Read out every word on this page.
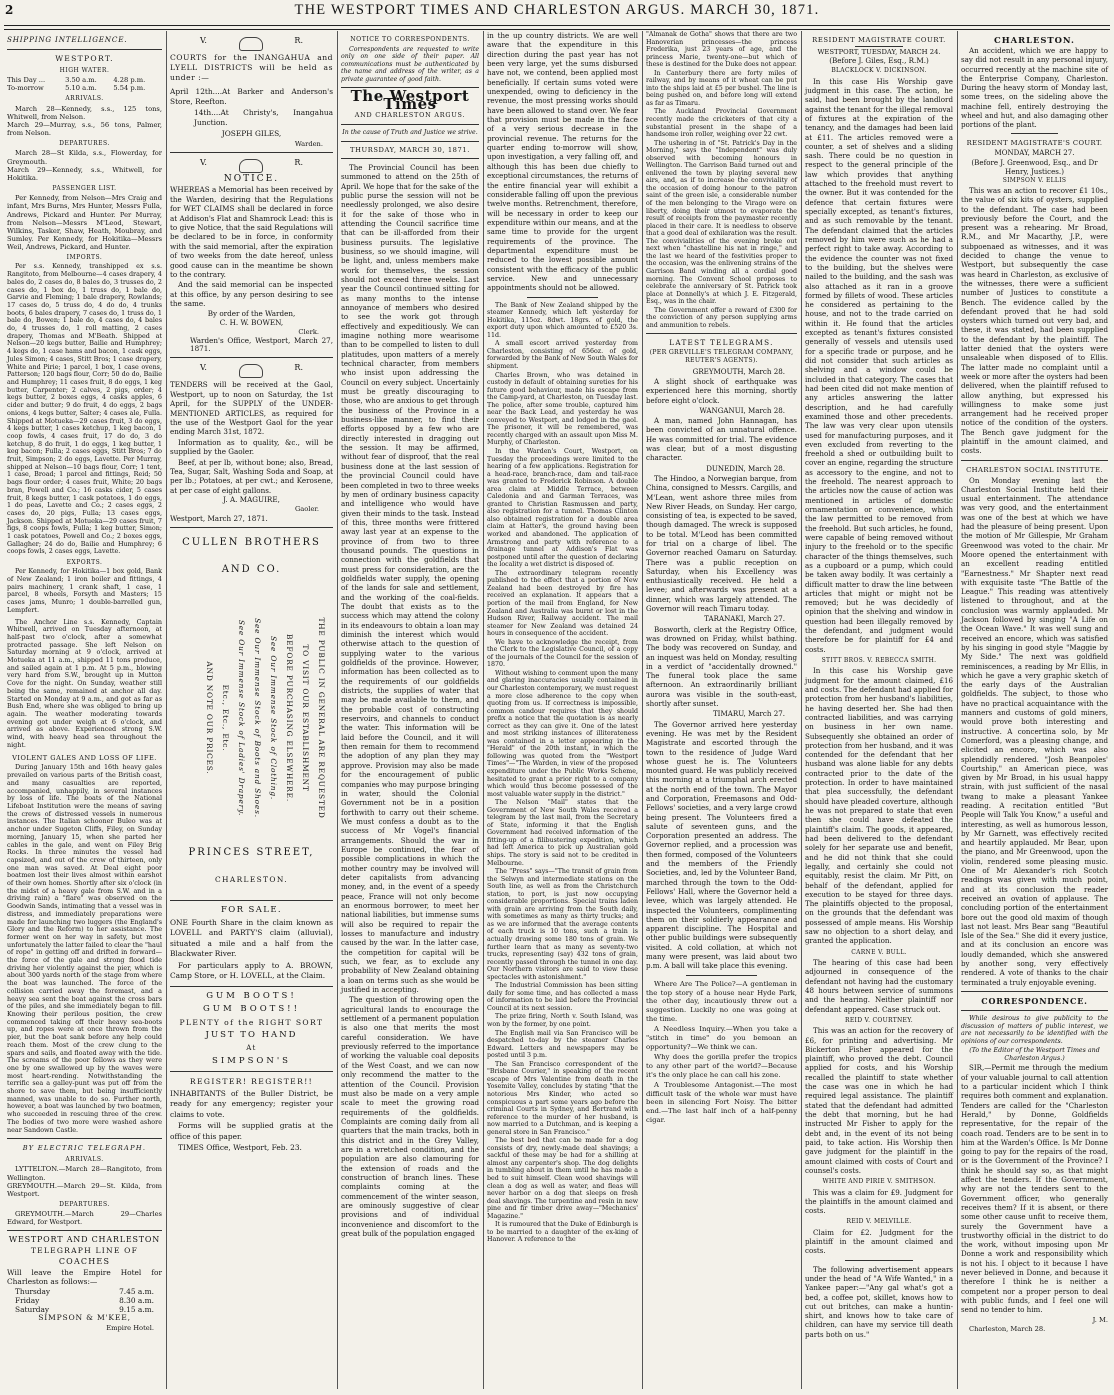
2	THE WESTPORT TIMES AND CHARLESTON ARGUS. MARCH 30, 1871.
SHIPPING INTELLIGENCE.
WESTPORT.
HIGH WATER.
This Day ...	3.50 a.m.	4.28 p.m.
To-morrow	5.10 a.m.	5.54 p.m.
ARRIVALS.

March 28—Kennedy, s.s., 125 tons, Whitwell, from Nelson.
March 29—Murray, s.s., 56 tons, Palmer, from Nelson.

DEPARTURES.

March 28—St Kilda, s.s., Flowerday, for Greymouth.
March 29—Kennedy, s.s., Whitwell, for Hokitika.

PASSENGER LIST.

Per Kennedy, from Nelson—Mrs Craig and infant, Mrs Burns, Mrs Hunter, Messrs Fulla, Andrews, Pickard and Hunter. Per Murray, from Nelson—Messrs M'Leod, Stewart, Wilkins, Tasker, Shaw, Heath, Moubray, and Sumley. Per Kennedy, for Hokitika—Messrs Weil, Andrews, Pickard, and Hunter.

IMPORTS.

Per s.s. Kennedy, transhipped ex s.s. Rangitoto, from Melbourne—4 cases drapery, 4 bales do, 2 cases do, 8 bales do, 3 trusses do, 2 cases do, 1 box do, 1 truss do, 1 bale do, Garvie and Fleming; 1 bale drapery, Rowlands; 17 cases do, 5 truss do, 4 do do, 4 trunks boots, 6 bales drapery, 7 cases do, 1 truss do, 1 bale do, Bowen; 1 bale do, 4 cases do, 4 bales do, 4 trusses do, 1 roll matting, 2 cases drapery, Thomas and M'Beath. Shipped at Nelson—20 kegs butter, Bailie and Humphrey; 4 kegs do, 1 case hams and bacon, 1 cask eggs, Jules Simon; 4 cases, Stitt Bros; 1 case drapery, White and Pirie; 1 parcel, 1 box, 1 case ovens, Patterson; 120 bags flour, Corr; 50 do do, Bailie and Humphrey; 11 cases fruit, 8 do eggs, 1 keg butter, Carpenter; 2 calves, 2 pigs, order; 4 kegs butter, 2 boxes eggs, 4 casks apples, 6 cider and butter; 9 do fruit, 4 do eggs, 2 bags onions, 4 kegs butter, Salter; 4 cases ale, Fulla. Shipped at Motueka—29 cases fruit, 3 do eggs, 4 kegs butter, 1 cases ketchup, 1 keg bacon, 1 coop fowls, 4 cases fruit, 17 do do, 3 do ketchup, 8 do fruit, 1 do eggs, 1 keg butter, 1 keg bacon; Fulla; 2 cases eggs, Stitt Bros; 7 do fruit, Simpson; 2 do eggs, Lavette. Per Murray, shipped at Nelson—10 bags flour, Corr; 1 tent, 1 case, Broad; 1 parcel and fittings, Reid; 50 bags flour order; 4 cases fruit, White; 20 bags bran, Powell and Co.; 16 casks cider, 5 cases fruit, 8 kegs butter, 1 cask potatoes, 1 do eggs, 1 do peas, Lavette and Co.; 2 cases eggs, 2 cases do, 20 pigs, Fulla; 13 cases eggs, Jackson. Shipped at Motueka—29 cases fruit, 7 figs, 8 coops fowls, Fulla; 1 keg butter, Simon; 1 cask potatoes, Powell and Co.; 2 boxes eggs, Gallagher; 24 do do, Bailie and Humphrey; 6 coops fowls, 2 cases eggs, Lavette.

EXPORTS.

Per Kennedy, for Hokitika—1 box gold, Bank of New Zealand; 1 iron boiler and fittings, 4 pairs machinery, 1 crank shaft, 1 case, 1 parcel, 8 wheels, Forsyth and Masters; 15 cases jams, Munro; 1 double-barrelled gun, Lempfert.

The Anchor Line s.s. Kennedy, Captain Whitwell, arrived on Tuesday afternoon, at half-past two o'clock, after a somewhat protracted passage. She left Nelson on Saturday morning at 9 o'clock, arrived at Motueka at 11 a.m., shipped 11 tons produce, and sailed again at 1 p.m. At 5 p.m., blowing very hard from S.W., brought up in Mutton Cove for the night. On Sunday, weather still being the same, remained at anchor all day. Started on Monday at 9 a.m., and got as far as Bush End, where she was obliged to bring up again. The weather moderating towards evening got under weigh at 6 o'clock, and arrived as above. Experienced strong S.W. wind, with heavy head sea throughout the night.

VIOLENT GALES AND LOSS OF LIFE.

During January 15th and 16th heavy gales prevailed on various parts of the British coast, and many casualties are reported, accompanied, unhappily, in several instances by loss of life. The boats of the National Lifeboat Institution were the means of saving the crews of distressed vessels in numerous instances. The Italian schooner Buleo was at anchor under Sugeton Cliffs, Filey, on Sunday morning, January 15, when she parted her cables in the gale, and went on Filey Brig Rocks. In three minutes the vessel had capsized, and out of the crew of thirteen, only one man was saved. At Deal eight poor boatmen lost their lives almost within earshot of their own homes. Shortly after six o'clock (in the midst of a heavy gale from S.W. and in a driving rain) a "flare" was observed on the Goodwin Sands, intimating that a vessel was in distress, and immediately preparations were made for launching two luggers (the England's Glory and the Reform) to her assistance. The former went on her way in safety, but most unfortunately the latter failed to clear the "haul of rope" in getting off and drifted in forward—the force of the gale and strong flood tide driving her violently against the pier, which is about 300 yards north of the stage from where the boat was launched. The force of the collision carried away the foremast, and a heavy sea sent the boat against the cross bars of the piles, and she immediately began to fill. Knowing their perilous position, the crew commenced taking off their heavy sea-boots up, and ropes were at once thrown from the pier, but the boat sank before any help could reach them. Most of the crew clung to the spars and sails, and floated away with the tide. The screams of the poor fellows as they were one by one swallowed up by the waves were most heart-rending. Notwithstanding the terrific sea a galley-punt was put off from the shore to save them, but being insufficiently manned, was unable to do so. Further north, however, a boat was launched by two boatmen, who succeeded in rescuing three of the crew. The bodies of two more were washed ashore near Sandown Castle.

BY ELECTRIC TELEGRAPH.
ARRIVALS.

LYTTELTON.—March 28—Rangitoto, from Wellington.
GREYMOUTH.—March 29—St. Kilda, from Westport.

DEPARTURES.

GREYMOUTH.—March 29—Charles Edward, for Westport.

WESTPORT AND CHARLESTON

TELEGRAPH LINE OF

COACHES

Will leave the Empire Hotel for Charleston as follows:—

Thursday	7.45 a.m.
Friday	8.30 a.m.
Saturday	9.15 a.m.

SIMPSON & M'KEE,

Empire Hotel.

V.	R.

COURTS for the INANGAHUA and LYELL DISTRICTS will be held as under :—

April 12th....At Barker and Anderson's Store, Reefton.

14th....At Christy's, Inangahua Junction.

JOSEPH GILES,

Warden.

V.	R.
NOTICE.

WHEREAS a Memorial has been received by the Warden, desiring that the Regulations for WET CLAIMS shall be declared in force at Addison's Flat and Shamrock Lead: this is to give Notice, that the said Regulations will be declared to be in force, in conformity with the said memorial, after the expiration of two weeks from the date hereof, unless good cause can in the meantime be shown to the contrary.

And the said memorial can be inspected at this office, by any person desiring to see the same.

By order of the Warden,

C. H. W. BOWEN,

Clerk.

Warden's Office, Westport, March 27, 1871.

V.	R.

TENDERS will be received at the Gaol, Westport, up to noon on Saturday, the 1st April, for the SUPPLY of the UNDER-MENTIONED ARTICLES, as required for the use of the Westport Gaol for the year ending March 31st, 1872.

Information as to quality, &c., will be supplied by the Gaoler.

Beef, at per lb, without bone; also, Bread, Tea, Sugar, Salt, Washing Soda and Soap, at per lb.; Potatoes, at per cwt.; and Kerosene, at per case of eight gallons.

J. A. MAGUIRE,

Gaoler.

Westport, March 27, 1871.

CULLEN BROTHERS
AND CO.
THE PUBLIC IN GENERAL ARE REQUESTED
TO VISIT OUR ESTABLISHMENT
BEFORE PURCHASING ELSEWHERE.
See Our Immense Stock of Clothing.
See Our Immense Stock of Boots and Shoes.
See Our Immense Stock of Ladies' Drapery.
Etc., Etc., Etc.
AND NOTE OUR PRICES.
PRINCES STREET,
CHARLESTON.
FOR SALE.

ONE Fourth Share in the claim known as LOVELL and PARTY'S claim (alluvial), situated a mile and a half from the Blackwater River.

For particulars apply to A. BROWN, Camp Store, or H. LOVELL, at the Claim.

GUM BOOTS!
GUM BOOTS!!
PLENTY of the RIGHT SORT
JUST TO HAND
At
SIMPSON'S
REGISTER! REGISTER!!

INHABITANTS of the Buller District, be ready for any emergency; register your claims to vote.

Forms will be supplied gratis at the office of this paper.

TIMES Office, Westport, Feb. 23.

NOTICE TO CORRESPONDENTS.

Correspondents are requested to write only on one side of their paper. All communications must be authenticated by the name and address of the writer, as a private guarantee of good faith.

The Westport Times
AND CHARLESTON ARGUS.

In the cause of Truth and Justice we strive.

THURSDAY, MARCH 30, 1871.

The Provincial Council has been summoned to attend on the 25th of April. We hope that for the sake of the public purse the session will not be needlessly prolonged, we also desire it for the sake of those who in attending the Council sacrifice time that can be ill-afforded from their business pursuits. The legislative business, so we should imagine, will be light, and, unless members make work for themselves, the session should not exceed three weeks. Last year the Council continued sitting for as many months to the intense annoyance of members who desired to see the work got through effectively and expeditiously. We can imagine nothing more wearisome than to be compelled to listen to dull platitudes, upon matters of a merely technical character, from members who insist upon addressing the Council on every subject. Uncertainly must be greatly discouraging to those, who are anxious to get through the business of the Province in a business-like manner, to find their efforts opposed by a few who are directly interested in dragging out the session. It may be affirmed, without fear of disproof, that the real business done at the last session of the provincial Council could have been completed in two to three weeks by men of ordinary business capacity and intelligence who would have given their minds to the task. Instead of this, three months were frittered away last year at an expense to the province of from two to three thousand pounds. The questions in connection with the goldfields that must press for consideration, are the goldfields water supply, the opening of the lands for sale and settlement, and the working of the coal-fields. The doubt that exists as to the success which may attend the colony in its endeavours to obtain a loan may diminish the interest which would otherwise attach to the question of supplying water to the various goldfields of the province. However, information has been collected as to the requirements of our goldfields districts, the supplies of water that may be made available to them, and the probable cost of constructing reservoirs, and channels to conduct the water. This information will be laid before the Council, and it will then remain for them to recommend the adoption of any plan they may approve. Provision may also be made for the encouragement of public companies who may purpose bringing in water, should the Colonial Government not be in a position forthwith to carry out their scheme. We must confess a doubt as to the success of Mr Vogel's financial arrangements. Should the war in Europe be continued, the fear of possible complications in which the mother country may be involved will deter capitalists from advancing money, and, in the event of a speedy peace, France will not only become an enormous borrower, to meet her national liabilities, but immense sums will also be required to repair the losses to manufacture and industry caused by the war. In the latter case, the competition for capital will be such, we fear, as to exclude any probability of New Zealand obtaining a loan on terms such as she would be justified in accepting.

The question of throwing open the agricultural lands to encourage the settlement of a permanent population is also one that merits the most careful consideration. We have previously referred to the importance of working the valuable coal deposits of the West Coast, and we can now only recommend the matter to the attention of the Council. Provision must also be made on a very ample scale to meet the growing road requirements of the goldfields. Complaints are coming daily from all quarters that the main tracks, both in this district and in the Grey Valley, are in a wretched condition, and the population are also clamouring for the extension of roads and the construction of branch lines. These complaints coming at the commencement of the winter season, are ominously suggestive of clear provisions and of individual inconvenience and discomfort to the great bulk of the population engaged

in the up country districts. We are well aware that the expenditure in this direction during the past year has not been very large, yet the sums disbursed have not, we contend, been applied most beneficially. If certain sums voted were unexpended, owing to deficiency in the revenue, the most pressing works should have been allowed to stand over. We fear that provision must be made in the face of a very serious decrease in the provincial revenue. The returns for the quarter ending to-morrow will show, upon investigation, a very falling off, and although this has been due chiefly to exceptional circumstances, the returns of the entire financial year will exhibit a considerable falling off upon the previous twelve months. Retrenchment, therefore, will be necessary in order to keep our expenditure within our means, and at the same time to provide for the urgent requirements of the province. The departmental expenditure must be reduced to the lowest possible amount consistent with the efficacy of the public service. New and unnecessary appointments should not be allowed.

The Bank of New Zealand shipped by the steamer Kennedy, which left yesterday for Hokitika, 115oz. 8dwt. 18grs. of gold, the export duty upon which amounted to £520 3s. 11d.

A small escort arrived yesterday from Charleston, consisting of 656oz. of gold, forwarded by the Bank of New South Wales for shipment.

Charles Brown, who was detained in custody in default of obtaining sureties for his future good behaviour, made his escape from the Camp-yard, at Charleston, on Tuesday last. The police, after some trouble, captured him near the Back Lead, and yesterday he was conveyed to Westport, and lodged in the gaol. The prisoner, it will be remembered, was recently charged with an assault upon Miss M. Murphy, of Charleston.

In the Warden's Court, Westport, on Tuesday the proceedings were limited to the hearing of a few applications. Registration for a head-race, branch-race, dam and tail-race was granted to Frederick Robinson. A double area claim at Middle Terrace, between Caledonia and and Garman Terraces, was granted to Christian Rasmussen and party, also registration for a tunnel. Thomas Clinton also obtained registration for a double area claim at Hatter's, the ground having been worked and abandoned. The application of Armstrong and party with reference to a drainage tunnel at Addison's Flat was postponed until after the question of declaring the locality a wet district is disposed of.

The extraordinary telegram recently published to the effect that a portion of New Zealand had been destroyed by fire has received an explanation. It appears that a portion of the mail from England, for New Zealand and Australia was burnt or lost in the Hudson River, Railway accident. The mail steamer for New Zealand was detained 24 hours in consequence of the accident.

We have to acknowledge the receipt, from the Clerk to the Legislative Council, of a copy of the journals of the Council for the session of 1870.

Without wishing to comment upon the many and glaring inaccuracies usually contained in our Charleston contemporary, we must request a more close adherence to the copy when quoting from us. If correctness is impossible, common candour requires that they should prefix a notice that the quotation is as nearly correct as they can give it. One of the latest and most striking instances of illiterateness was contained in a letter appearing in the "Herald" of the 20th instant, in which the following was quoted from the "Westport Times"—"The Warden, in view of the proposed expenditure under the Public Works Scheme, hesitated to grant a prior right to a company which would thus become possessed of the most valuable water supply in the district."

The Nelson "Mail" states that the Government of New South Wales received a telegram by the last mail, from the Secretary of State, informing it that the English Government had received information of the fitting-up of a filibustering expedition, which had left America to pick up Australian gold ships. The story is said not to be credited in Melbourne.

The "Press" says—"The transit of grain from the Selwyn and intermediate stations on the South line, as well as from the Christchurch station, to port, is just now occupying considerable proportions. Special trains laden with grain are arriving from the South daily, with sometimes as many as thirty trucks; and as we are informed that the average contents of each truck is 10 tons, such a train is actually drawing some 180 tons of grain. We further learn that as many as seventy-two trucks, representing (say) 432 tons of grain, recently passed through the tunnel in one day. Our Northern visitors are said to view these spectacles with astonishment."

The Industrial Commission has been sitting daily for some time, and has collected a mass of information to be laid before the Provincial Council at its next session.

The prize firing, North v. South Island, was won by the former, by one point.

The English mail via San Francisco will be despatched to-day by the steamer Charles Edward. Letters and newspapers may be posted until 3 p.m.

The San Francisco correspondent of the "Brisbane Courier," in speaking of the recent escape of Mrs Valentine from death in the Yosemite Valley, concludes by stating "that the notorious Mrs Kinder, who acted so conspicuous a part some years ago before the criminal Courts in Sydney, and Bertrand with reference to the murder of her husband, is now married to a Dutchman, and is keeping a general store in San Francisco."

The best bed that can be made for a dog consists of dry, newly-made deal shavings; a sackful of these may be had for a shilling at almost any carpenter's shop. The dog delights in tumbling about in them until he has made a bed to suit himself. Clean wood shavings will clean a dog as well as water, and fleas will never harbor on a dog that sleeps on fresh deal shavings. The turpentine and resin in new pine and fir timber drive away—"Mechanics' Magazine."

It is rumoured that the Duke of Edinburgh is to be married to a daughter of the ex-king of Hanover. A reference to the

"Almanak de Gotha" shows that there are two Hanoverian princesses—the princess Frederika, just 23 years of age, and the princess Marie, twenty-one—but which of these is destined for the Duke does not appear.

In Canterbury there are forty miles of railway, and by means of it wheat can be put into the ships laid at £5 per bushel. The line is being pushed on, and before long will extend as far as Timaru.

The Auckland Provincial Government recently made the cricketers of that city a substantial present in the shape of a handsome iron roller, weighing over 22 cwt.

The ushering in of "St. Patrick's Day in the Morning," says the "Independent" was duly observed with becoming honours in Wellington. The Garrison Band turned out and enlivened the town by playing several new airs, and, as if to increase the conviviality of the occasion of doing honour to the patron saint of the green isle, a considerable number of the men belonging to the Virago were on liberty, doing their utmost to evaporate the result of receipts from the paymaster recently placed in their care. It is needless to observe that a good deal of exhilaration was the result. The convivialities of the evening broke out next when "chastelline his nat in ringe," and the last we heard of the festivities proper to the occasion, was the enlivening strains of the Garrison Band winding all a cordial good morning. The Convent School proposes to celebrate the anniversary of St. Patrick took place at Donnelly's at which J. E. Fitzgerald, Esq., was in the chair.

The Government offer a reward of £300 for the conviction of any person supplying arms and ammunition to rebels.

LATEST TELEGRAMS.

(PER GREVILLE'S TELEGRAM COMPANY, REUTER'S AGENTS).

GREYMOUTH, March 28.

A slight shock of earthquake was experienced here this morning, shortly before eight o'clock.

WANGANUI, March 28.

A man, named John Hannagan, has been convicted of an unnatural offence. He was committed for trial. The evidence was clear, but of a most disgusting character.

DUNEDIN, March 28.

The Hindoo, a Norwegian barque, from China, consigned to Messrs. Cargills, and M'Lean, went ashore three miles from New River Heads, on Sunday. Her cargo, consisting of tea, is expected to be saved, though damaged. The wreck is supposed to be total. M'Leod has been committed for trial on a charge of libel. The Governor reached Oamaru on Saturday. There was a public reception on Saturday, when his Excellency was enthusiastically received. He held a levee; and afterwards was present at a dinner, which was largely attended. The Governor will reach Timaru today.

TARANAKI, March 27.

Bosworth, clerk at the Registry Office, was drowned on Friday, whilst bathing. The body was recovered on Sunday, and an inquest was held on Monday, resulting in a verdict of "accidentally drowned." The funeral took place the same afternoon. An extraordinarily brilliant aurora was visible in the south-east, shortly after sunset.

TIMARU, March 27.

The Governor arrived here yesterday evening. He was met by the Resident Magistrate and escorted through the town to the residence of Judge Ward whose guest he is. The Volunteers mounted guard. He was publicly received this morning at a triumphal arch erected at the north end of the town. The Mayor and Corporation, Freemasons and Odd-Fellows' societies, and a very large crowd being present. The Volunteers fired a salute of seventeen guns, and the Corporation presented an address. The Governor replied, and a procession was then formed, composed of the Volunteers and the members of the Friendly Societies, and, led by the Volunteer Band, marched through the town to the Odd-Fellows' Hall, where the Governor held a levee, which was largely attended. He inspected the Volunteers, complimenting them on their soldierly appearance and apparent discipline. The Hospital and other public buildings were subsequently visited. A cold collation, at which not many were present, was laid about two p.m. A ball will take place this evening.

Where Are The Police?—A gentleman in the top story of a house near Hyde Park, the other day, incautiously threw out a suggestion. Luckily no one was going at the time.

A Needless Inquiry.—When you take a "stitch in time" do you bemoan an opportunity?—We think we can.

Why does the gorilla prefer the tropics to any other part of the world?—Because it's the only place he can call his zone.

A Troublesome Antagonist.—The most difficult task of the whole war must have been in silencing Fort Noisy. The bitter end.—The last half inch of a half-penny cigar.

RESIDENT MAGISTRATE COURT.

WESTPORT, TUESDAY, MARCH 24.

(Before J. Giles, Esq., R.M.)

BLACKLOCK V. DICKINSON.

In this case His Worship gave judgment in this case. The action, he said, had been brought by the landlord against the tenant for the illegal removal of fixtures at the expiration of the tenancy, and the damages had been laid at £11. The articles removed were a counter, a set of shelves and a sliding sash. There could be no question in respect to the general principle of the law which provides that anything attached to the freehold must revert to the owner. But it was contended for the defence that certain fixtures were specially excepted, as tenant's fixtures, and as such removable by the tenant. The defendant claimed that the articles removed by him were such as he had a perfect right to take away. According to the evidence the counter was not fixed to the building, but the shelves were nailed to the building, and the sash was also attached as it ran in a groove formed by fillets of wood. These articles he considered as pertaining to the house, and not to the trade carried on within it. He found that the articles excepted as tenant's fixtures consisted generally of vessels and utensils used for a specific trade or purpose, and he did not consider that such articles as shelving and a window could be included in that category. The cases that had been cited did not make mention of any articles answering the latter description, and he had carefully examined those and other precedents. The law was very clear upon utensils used for manufacturing purposes, and it even excluded from reverting to the freehold a shed or outbuilding built to cover an engine, regarding the structure as accessory to the engine, and not to the freehold. The nearest approach to the articles now the cause of action was mentioned in articles of domestic ornamentation or convenience, which the law permitted to be removed from the freehold. But such articles, he found, were capable of being removed without injury to the freehold or to the specific character of the things themselves, such as a cupboard or a pump, which could be taken away bodily. It was certainly a difficult matter to draw the line between articles that might or might not be removed; but he was decidedly of opinion that the shelving and window in question had been illegally removed by the defendant, and judgment would therefore be for plaintiff for £4 and costs.

STITT BROS. V. REBECCA SMITH.

In this case his Worship gave judgment for the amount claimed, £16 and costs. The defendant had applied for protection from her husband's liabilities, he having deserted her. She had then contracted liabilities, and was carrying on business in her own name. Subsequently she obtained an order of protection from her husband, and it was contended for the defendant that her husband was alone liable for any debts contracted prior to the date of the protection. In order to have maintained that plea successfully, the defendant should have pleaded coverture, although he was not prepared to state that even then she could have defeated the plaintiff's claim. The goods, it appeared, had been delivered to the defendant solely for her separate use and benefit, and he did not think that she could legally, and certainly she could not equitably, resist the claim. Mr Pitt, on behalf of the defendant, applied for execution to be stayed for three days. The plaintiffs objected to the proposal, on the grounds that the defendant was possessed of ample means. His Worship saw no objection to a short delay, and granted the application.

CARNE V. BULL.

The hearing of this case had been adjourned in consequence of the defendant not having had the customary 48 hours between service of summons and the hearing. Neither plaintiff nor defendant appeared. Case struck out.

REID V. COURTNEY.

This was an action for the recovery of £6, for printing and advertising. Mr Bickerton Fisher appeared for the plaintiff, who proved the debt. Council applied for costs, and his Worship recalled the plaintiff to state whether the case was one in which he had required legal assistance. The plaintiff stated that the defendant had admitted the debt that morning, but he had instructed Mr Fisher to apply for the debt and, in the event of its not being paid, to take action. His Worship then gave judgment for the plaintiff in the amount claimed with costs of Court and counsel's costs.

WHITE AND PIRIE V. SMITHSON.

This was a claim for £9. Judgment for the plaintiffs in the amount claimed and costs.

REID V. MELVILLE.

Claim for £2. Judgment for the plaintiff in the amount claimed and costs.

The following advertisement appears under the head of "A Wife Wanted," in a Yankee paper:—"Any gal what's got a bed, a coffee pot, skillet, knows how to cut out britches, can make a huntin-shirt, and knows how to take care of children, can have my service till death parts both on us."

CHARLESTON.

An accident, which we are happy to say did not result in any personal injury, occurred recently at the machine site of the Enterprise Company, Charleston. During the heavy storm of Monday last, some trees, on the sideling above the machine fell, entirely destroying the wheel and hut, and also damaging other portions of the plant.

RESIDENT MAGISTRATE'S COURT.

MONDAY, MARCH 27.

(Before J. Greenwood, Esq., and Dr Henry, Justices.)

SIMPSON V. ELLIS

This was an action to recover £1 10s., the value of six kits of oysters, supplied to the defendant. The case had been previously before the Court, and the present was a rehearing. Mr Broad, R.M., and Mr Macarthy, J.P., were subpoenaed as witnesses, and it was decided to change the venue to Westport, but subsequently the case was heard in Charleston, as exclusive of the witnesses, there were a sufficient number of Justices to constitute a Bench. The evidence called by the defendant proved that he had sold oysters which turned out very bad, and these, it was stated, had been supplied to the defendant by the plaintiff. The latter denied that the oysters were unsaleable when disposed of to Ellis. The latter made no complaint until a week or more after the oysters had been delivered, when the plaintiff refused to allow anything, but expressed his willingness to make some just arrangement had he received proper notice of the condition of the oysters. The Bench gave judgment for the plaintiff in the amount claimed, and costs.

CHARLESTON SOCIAL INSTITUTE.

On Monday evening last the Charleston Social Institute held their usual entertainment. The attendance was very good, and the entertainment was one of the best at which we have had the pleasure of being present. Upon the motion of Mr Gillespie, Mr Graham Greenwood was voted to the chair. Mr Moore opened the entertainment with an excellent reading entitled "Earnestness." Mr Shapter next read with exquisite taste "The Battle of the League." This reading was attentively listened to throughout, and at the conclusion was warmly applauded. Mr Jackson followed by singing "A Life on the Ocean Wave." It was well sung and received an encore, which was satisfied by his singing in good style "Maggie by My Side." The next was goldfield reminiscences, a reading by Mr Ellis, in which he gave a very graphic sketch of the early days of the Australian goldfields. The subject, to those who have no practical acquaintance with the manners and customs of gold miners, would prove both interesting and instructive. A concertina solo, by Mr Comerford, was a pleasing change, and elicited an encore, which was also splendidly rendered. "Josh Beanpoles' Courtship," an American piece, was given by Mr Broad, in his usual happy strain, with just sufficient of the nasal twang to make a pleasant Yankee reading. A recitation entitled "But People will Talk You Know," a useful and interesting, as well as humorous lesson, by Mr Garnett, was effectively recited and heartily applauded. Mr Bear, upon the piano, and Mr Greenwood, upon the violin, rendered some pleasing music. One of Mr Alexander's rich Scotch readings was given with much point, and at its conclusion the reader received an ovation of applause. The concluding portion of the entertainment bore out the good old maxim of though last not least. Mrs Bear sang "Beautiful Isle of the Sea." She did it every justice, and at its conclusion an encore was loudly demanded, which she answered by another song, very effectively rendered. A vote of thanks to the chair terminated a truly enjoyable evening.

CORRESPONDENCE.

While desirous to give publicity to the discussion of matters of public interest, we are not necessarily to be identified with the opinions of our correspondents.

(To the Editor of the Westport Times and Charleston Argus.)

SIR,—Permit me through the medium of your valuable journal to call attention to a particular incident which I think requires both comment and explanation. Tenders are called for the "Charleston Herald," by Donne, Goldfields representative, for the repair of the coach road. Tenders are to be sent in to him at the Warden's Office. Is Mr Donne going to pay for the repairs of the road, or is the Government of the Province? I think he should say so, as that might affect the tenders. If the Government, why are not the tenders sent to the Government officer, who generally receives them? If it is absent, or there some other cause unfit to receive them, surely the Government have a trustworthy official in the district to do the work, without imposing upon Mr Donne a work and responsibility which is not his. I object to it because I have never believed in Donne, and because it therefore I think he is neither a competent nor a proper person to deal with public funds, and I feel one will send no tender to him.

J. M.

Charleston, March 28.
